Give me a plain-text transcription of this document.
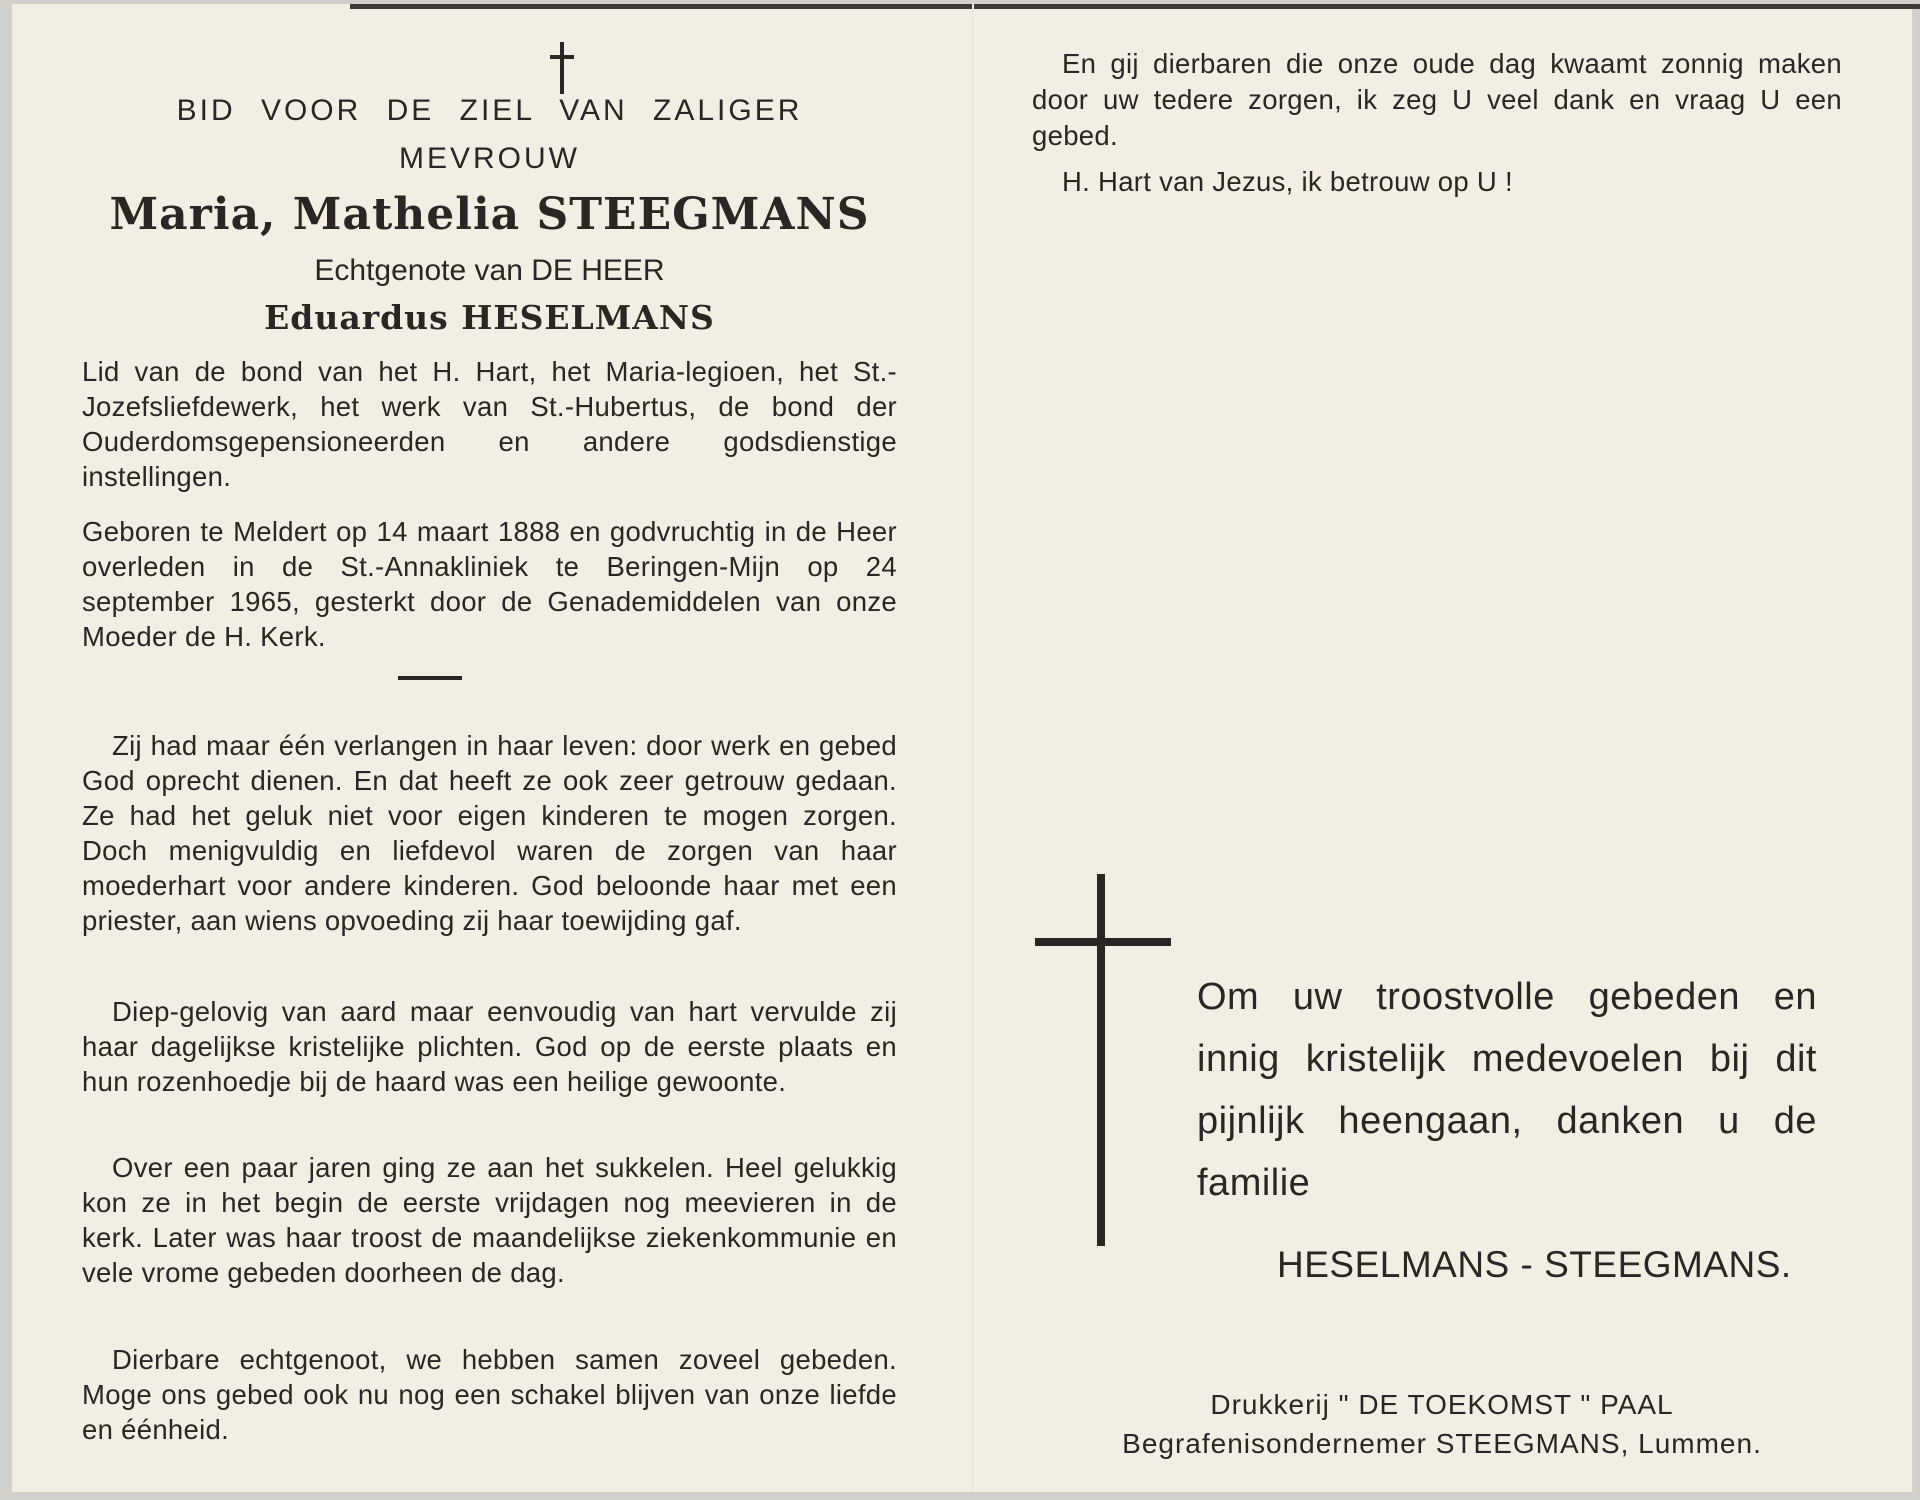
BID VOOR DE ZIEL VAN ZALIGER
MEVROUW
Maria, Mathelia STEEGMANS
Echtgenote van DE HEER
Eduardus HESELMANS
Lid van de bond van het H. Hart, het Maria-legioen, het St.-Jozefsliefdewerk, het werk van St.-Hubertus, de bond der Ouderdomsgepensioneerden en andere godsdienstige instellingen.
Geboren te Meldert op 14 maart 1888 en godvruchtig in de Heer overleden in de St.-Annakliniek te Beringen-Mijn op 24 september 1965, gesterkt door de Genademiddelen van onze Moeder de H. Kerk.
Zij had maar één verlangen in haar leven: door werk en gebed God oprecht dienen. En dat heeft ze ook zeer getrouw gedaan. Ze had het geluk niet voor eigen kinderen te mogen zorgen. Doch menigvuldig en liefdevol waren de zorgen van haar moederhart voor andere kinderen. God beloonde haar met een priester, aan wiens opvoeding zij haar toewijding gaf.
Diep-gelovig van aard maar eenvoudig van hart vervulde zij haar dagelijkse kristelijke plichten. God op de eerste plaats en hun rozenhoedje bij de haard was een heilige gewoonte.
Over een paar jaren ging ze aan het sukkelen. Heel gelukkig kon ze in het begin de eerste vrijdagen nog meevieren in de kerk. Later was haar troost de maandelijkse ziekenkommunie en vele vrome gebeden doorheen de dag.
Dierbare echtgenoot, we hebben samen zoveel gebeden. Moge ons gebed ook nu nog een schakel blijven van onze liefde en éénheid.
En gij dierbaren die onze oude dag kwaamt zonnig maken door uw tedere zorgen, ik zeg U veel dank en vraag U een gebed.
H. Hart van Jezus, ik betrouw op U !
Om uw troostvolle gebeden en innig kristelijk medevoelen bij dit pijnlijk heengaan, danken u de familie
HESELMANS - STEEGMANS.
Drukkerij " DE TOEKOMST " PAAL
Begrafenisondernemer STEEGMANS, Lummen.
